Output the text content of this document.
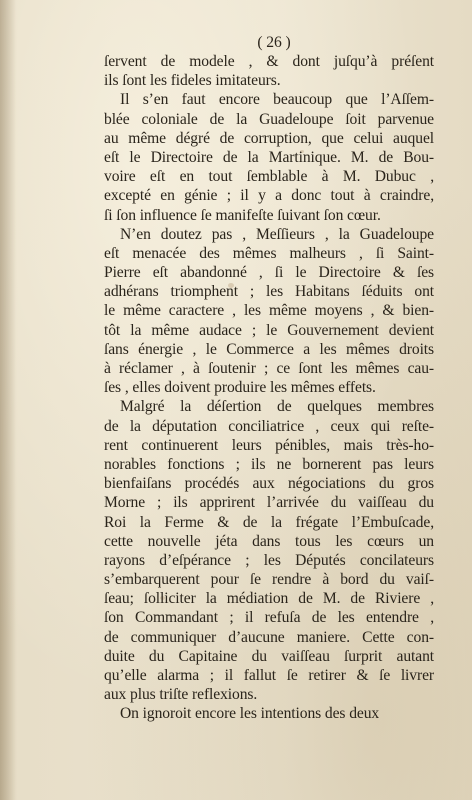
( 26 )
ſervent de modele , & dont juſqu’à préſent
ils ſont les fideles imitateurs.
Il s’en faut encore beaucoup que l’Aſſem-
blée coloniale de la Guadeloupe ſoit parvenue
au même dégré de corruption, que celui auquel
eſt le Directoire de la Martinique. M. de Bou-
voire eſt en tout ſemblable à M. Dubuc ,
excepté en génie ; il y a donc tout à craindre,
ſi ſon influence ſe manifeſte ſuivant ſon cœur.
N’en doutez pas , Meſſieurs , la Guadeloupe
eſt menacée des mêmes malheurs , ſi Saint-
Pierre eſt abandonné , ſi le Directoire & ſes
adhérans triomphent ; les Habitans ſéduits ont
le même caractere , les même moyens , & bien-
tôt la même audace ; le Gouvernement devient
ſans énergie , le Commerce a les mêmes droits
à réclamer , à ſoutenir ; ce ſont les mêmes cau-
ſes , elles doivent produire les mêmes effets.
Malgré la déſertion de quelques membres
de la députation conciliatrice , ceux qui reſte-
rent continuerent leurs pénibles, mais très-ho-
norables fonctions ; ils ne bornerent pas leurs
bienfaiſans procédés aux négociations du gros
Morne ; ils apprirent l’arrivée du vaiſſeau du
Roi la Ferme & de la frégate l’Embuſcade,
cette nouvelle jéta dans tous les cœurs un
rayons d’eſpérance ; les Députés concilateurs
s’embarquerent pour ſe rendre à bord du vaiſ-
ſeau; ſolliciter la médiation de M. de Riviere ,
ſon Commandant ; il refuſa de les entendre ,
de communiquer d’aucune maniere. Cette con-
duite du Capitaine du vaiſſeau ſurprit autant
qu’elle alarma ; il fallut ſe retirer & ſe livrer
aux plus triſte reflexions.
On ignoroit encore les intentions des deux
